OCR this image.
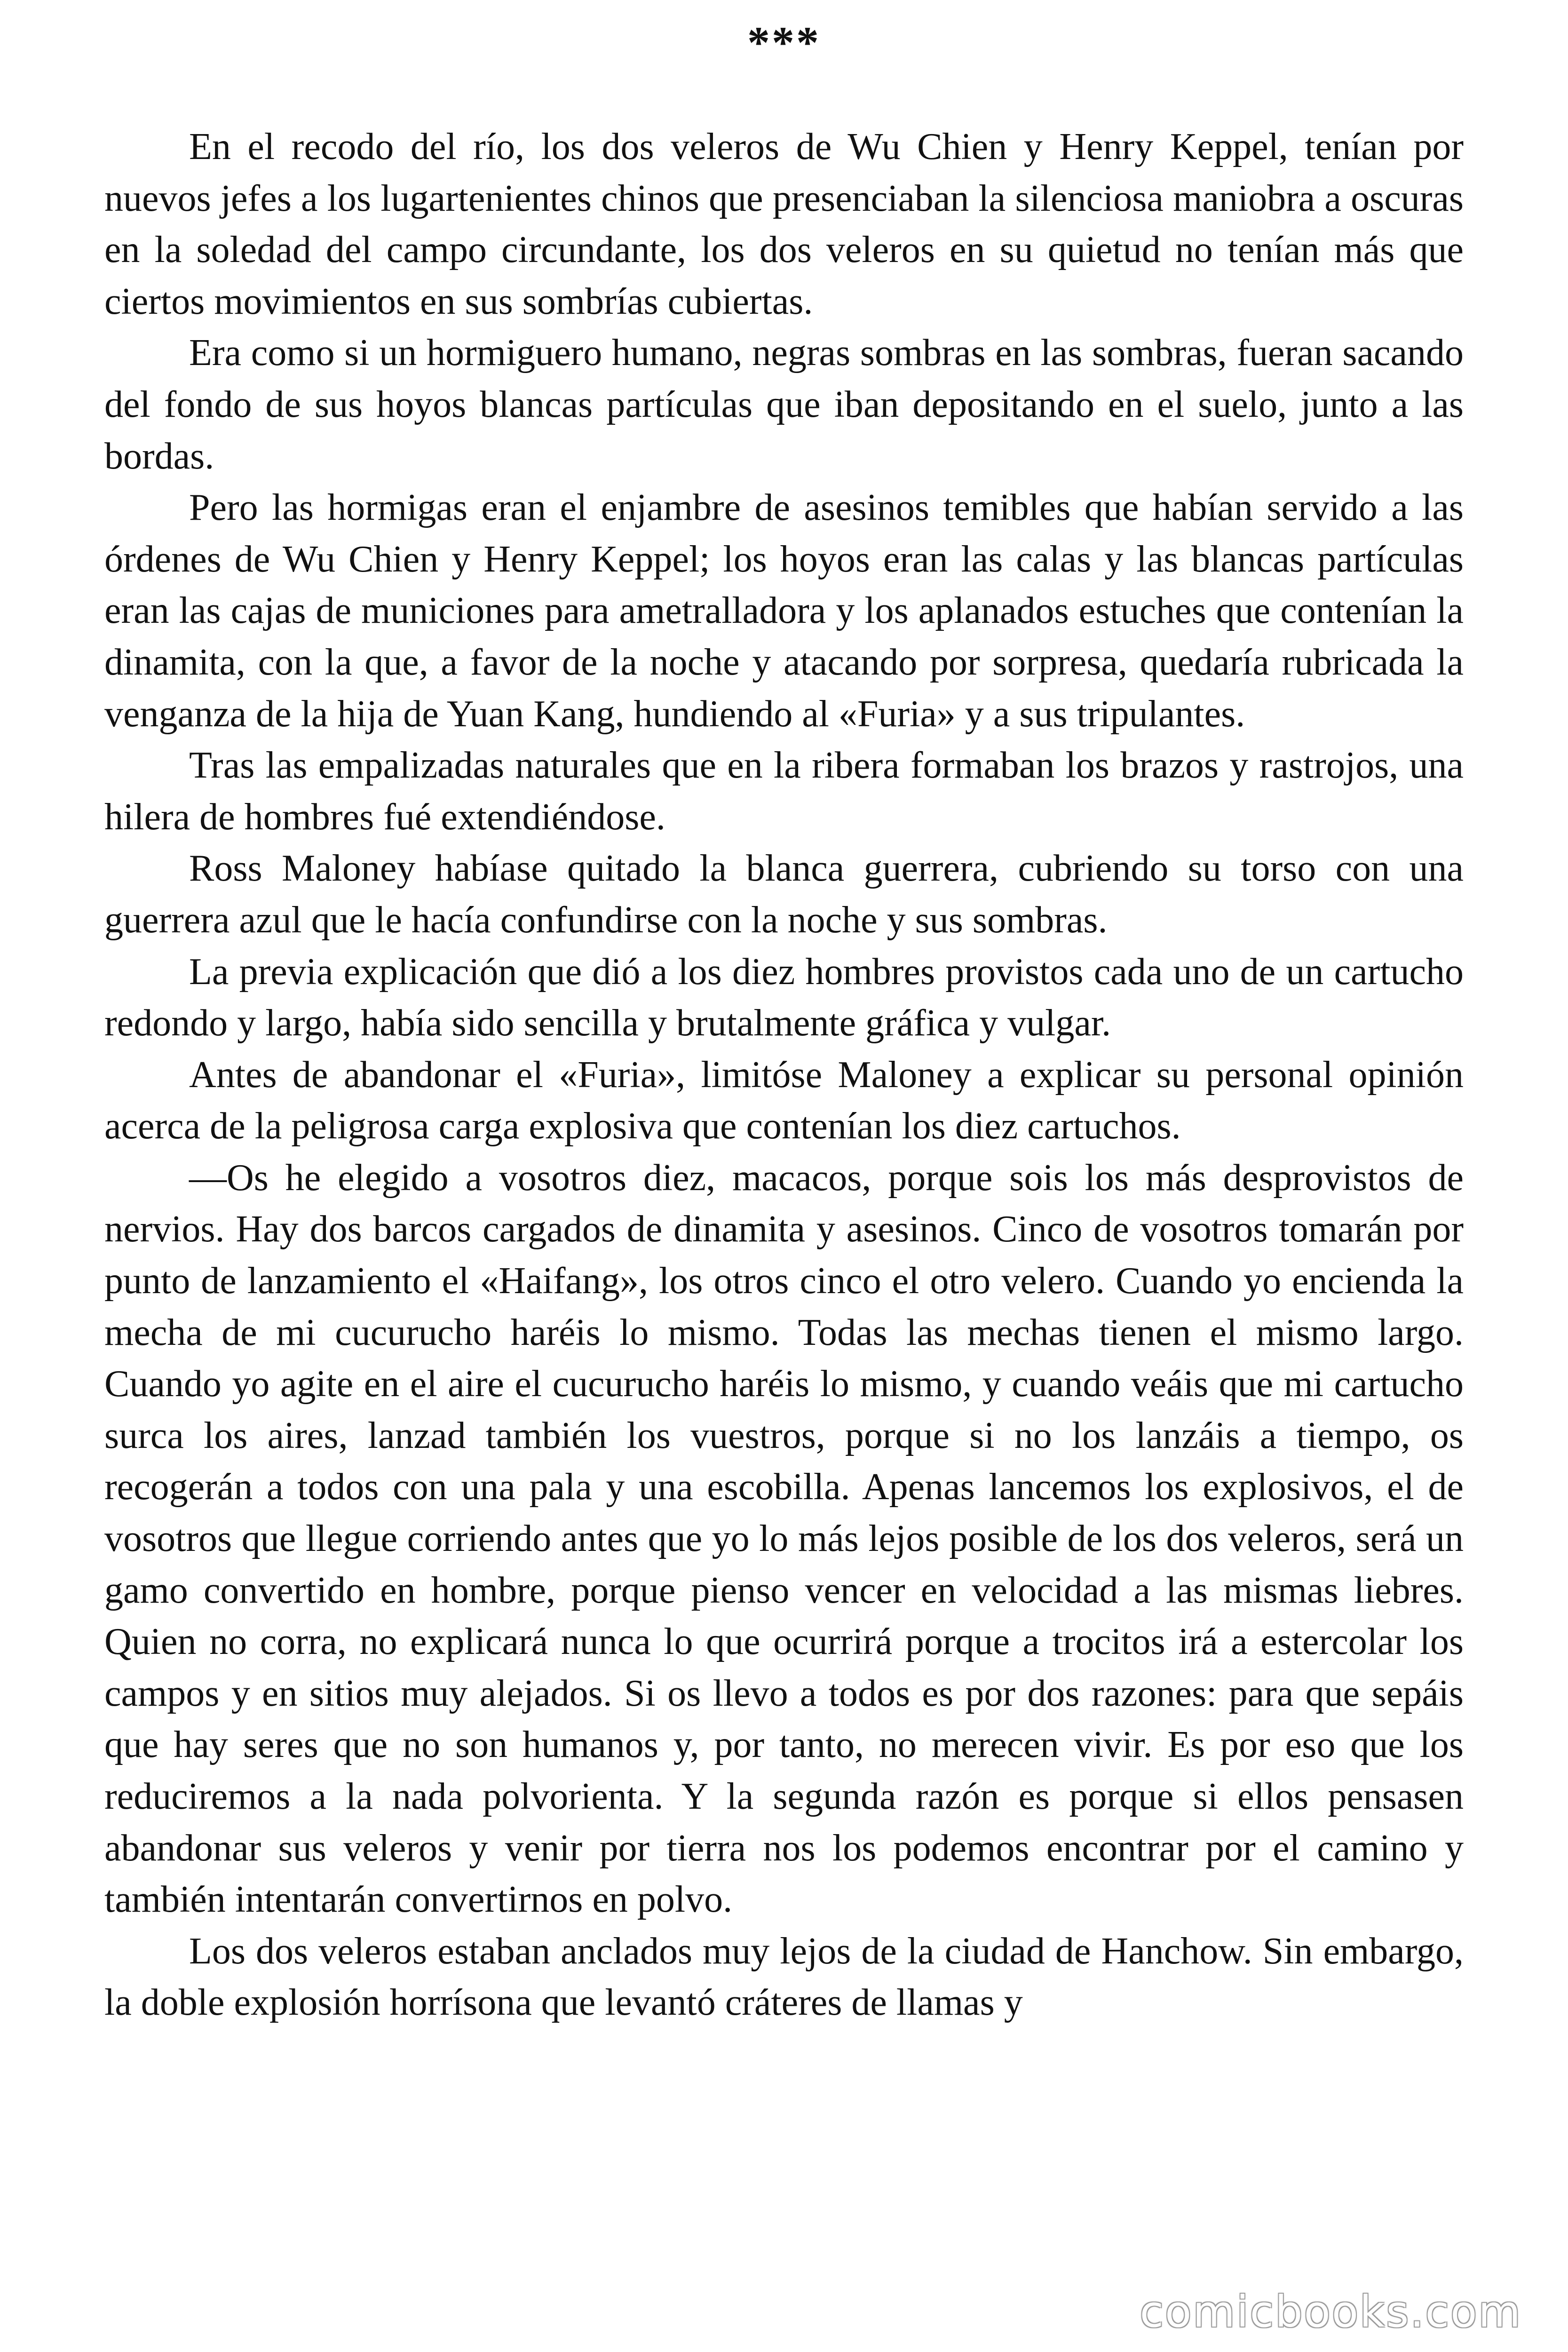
***

En el recodo del río, los dos veleros de Wu Chien y Henry Keppel, tenían por nuevos jefes a los lugartenientes chinos que presenciaban la silenciosa maniobra a oscuras en la soledad del campo circundante, los dos veleros en su quietud no tenían más que ciertos movimientos en sus sombrías cubiertas.

Era como si un hormiguero humano, negras sombras en las sombras, fueran sacando del fondo de sus hoyos blancas partículas que iban depositando en el suelo, junto a las bordas.

Pero las hormigas eran el enjambre de asesinos temibles que habían servido a las órdenes de Wu Chien y Henry Keppel; los hoyos eran las calas y las blancas partículas eran las cajas de municiones para ametralladora y los aplanados estuches que contenían la dinamita, con la que, a favor de la noche y atacando por sorpresa, quedaría rubricada la venganza de la hija de Yuan Kang, hundiendo al «Furia» y a sus tripulantes.

Tras las empalizadas naturales que en la ribera formaban los brazos y rastrojos, una hilera de hombres fué extendiéndose.

Ross Maloney habíase quitado la blanca guerrera, cubriendo su torso con una guerrera azul que le hacía confundirse con la noche y sus sombras.

La previa explicación que dió a los diez hombres provistos cada uno de un cartucho redondo y largo, había sido sencilla y brutalmente gráfica y vulgar.

Antes de abandonar el «Furia», limitóse Maloney a explicar su personal opinión acerca de la peligrosa carga explosiva que contenían los diez cartuchos.

—Os he elegido a vosotros diez, macacos, porque sois los más desprovistos de nervios. Hay dos barcos cargados de dinamita y asesinos. Cinco de vosotros tomarán por punto de lanzamiento el «Haifang», los otros cinco el otro velero. Cuando yo encienda la mecha de mi cucurucho haréis lo mismo. Todas las mechas tienen el mismo largo. Cuando yo agite en el aire el cucurucho haréis lo mismo, y cuando veáis que mi cartucho surca los aires, lanzad también los vuestros, porque si no los lanzáis a tiempo, os recogerán a todos con una pala y una escobilla. Apenas lancemos los explosivos, el de vosotros que llegue corriendo antes que yo lo más lejos posible de los dos veleros, será un gamo convertido en hombre, porque pienso vencer en velocidad a las mismas liebres. Quien no corra, no explicará nunca lo que ocurrirá porque a trocitos irá a estercolar los campos y en sitios muy alejados. Si os llevo a todos es por dos razones: para que sepáis que hay seres que no son humanos y, por tanto, no merecen vivir. Es por eso que los reduciremos a la nada polvorienta. Y la segunda razón es porque si ellos pensasen abandonar sus veleros y venir por tierra nos los podemos encontrar por el camino y también intentarán convertirnos en polvo.

Los dos veleros estaban anclados muy lejos de la ciudad de Hanchow. Sin embargo, la doble explosión horrísona que levantó cráteres de llamas y

comicbooks.com
